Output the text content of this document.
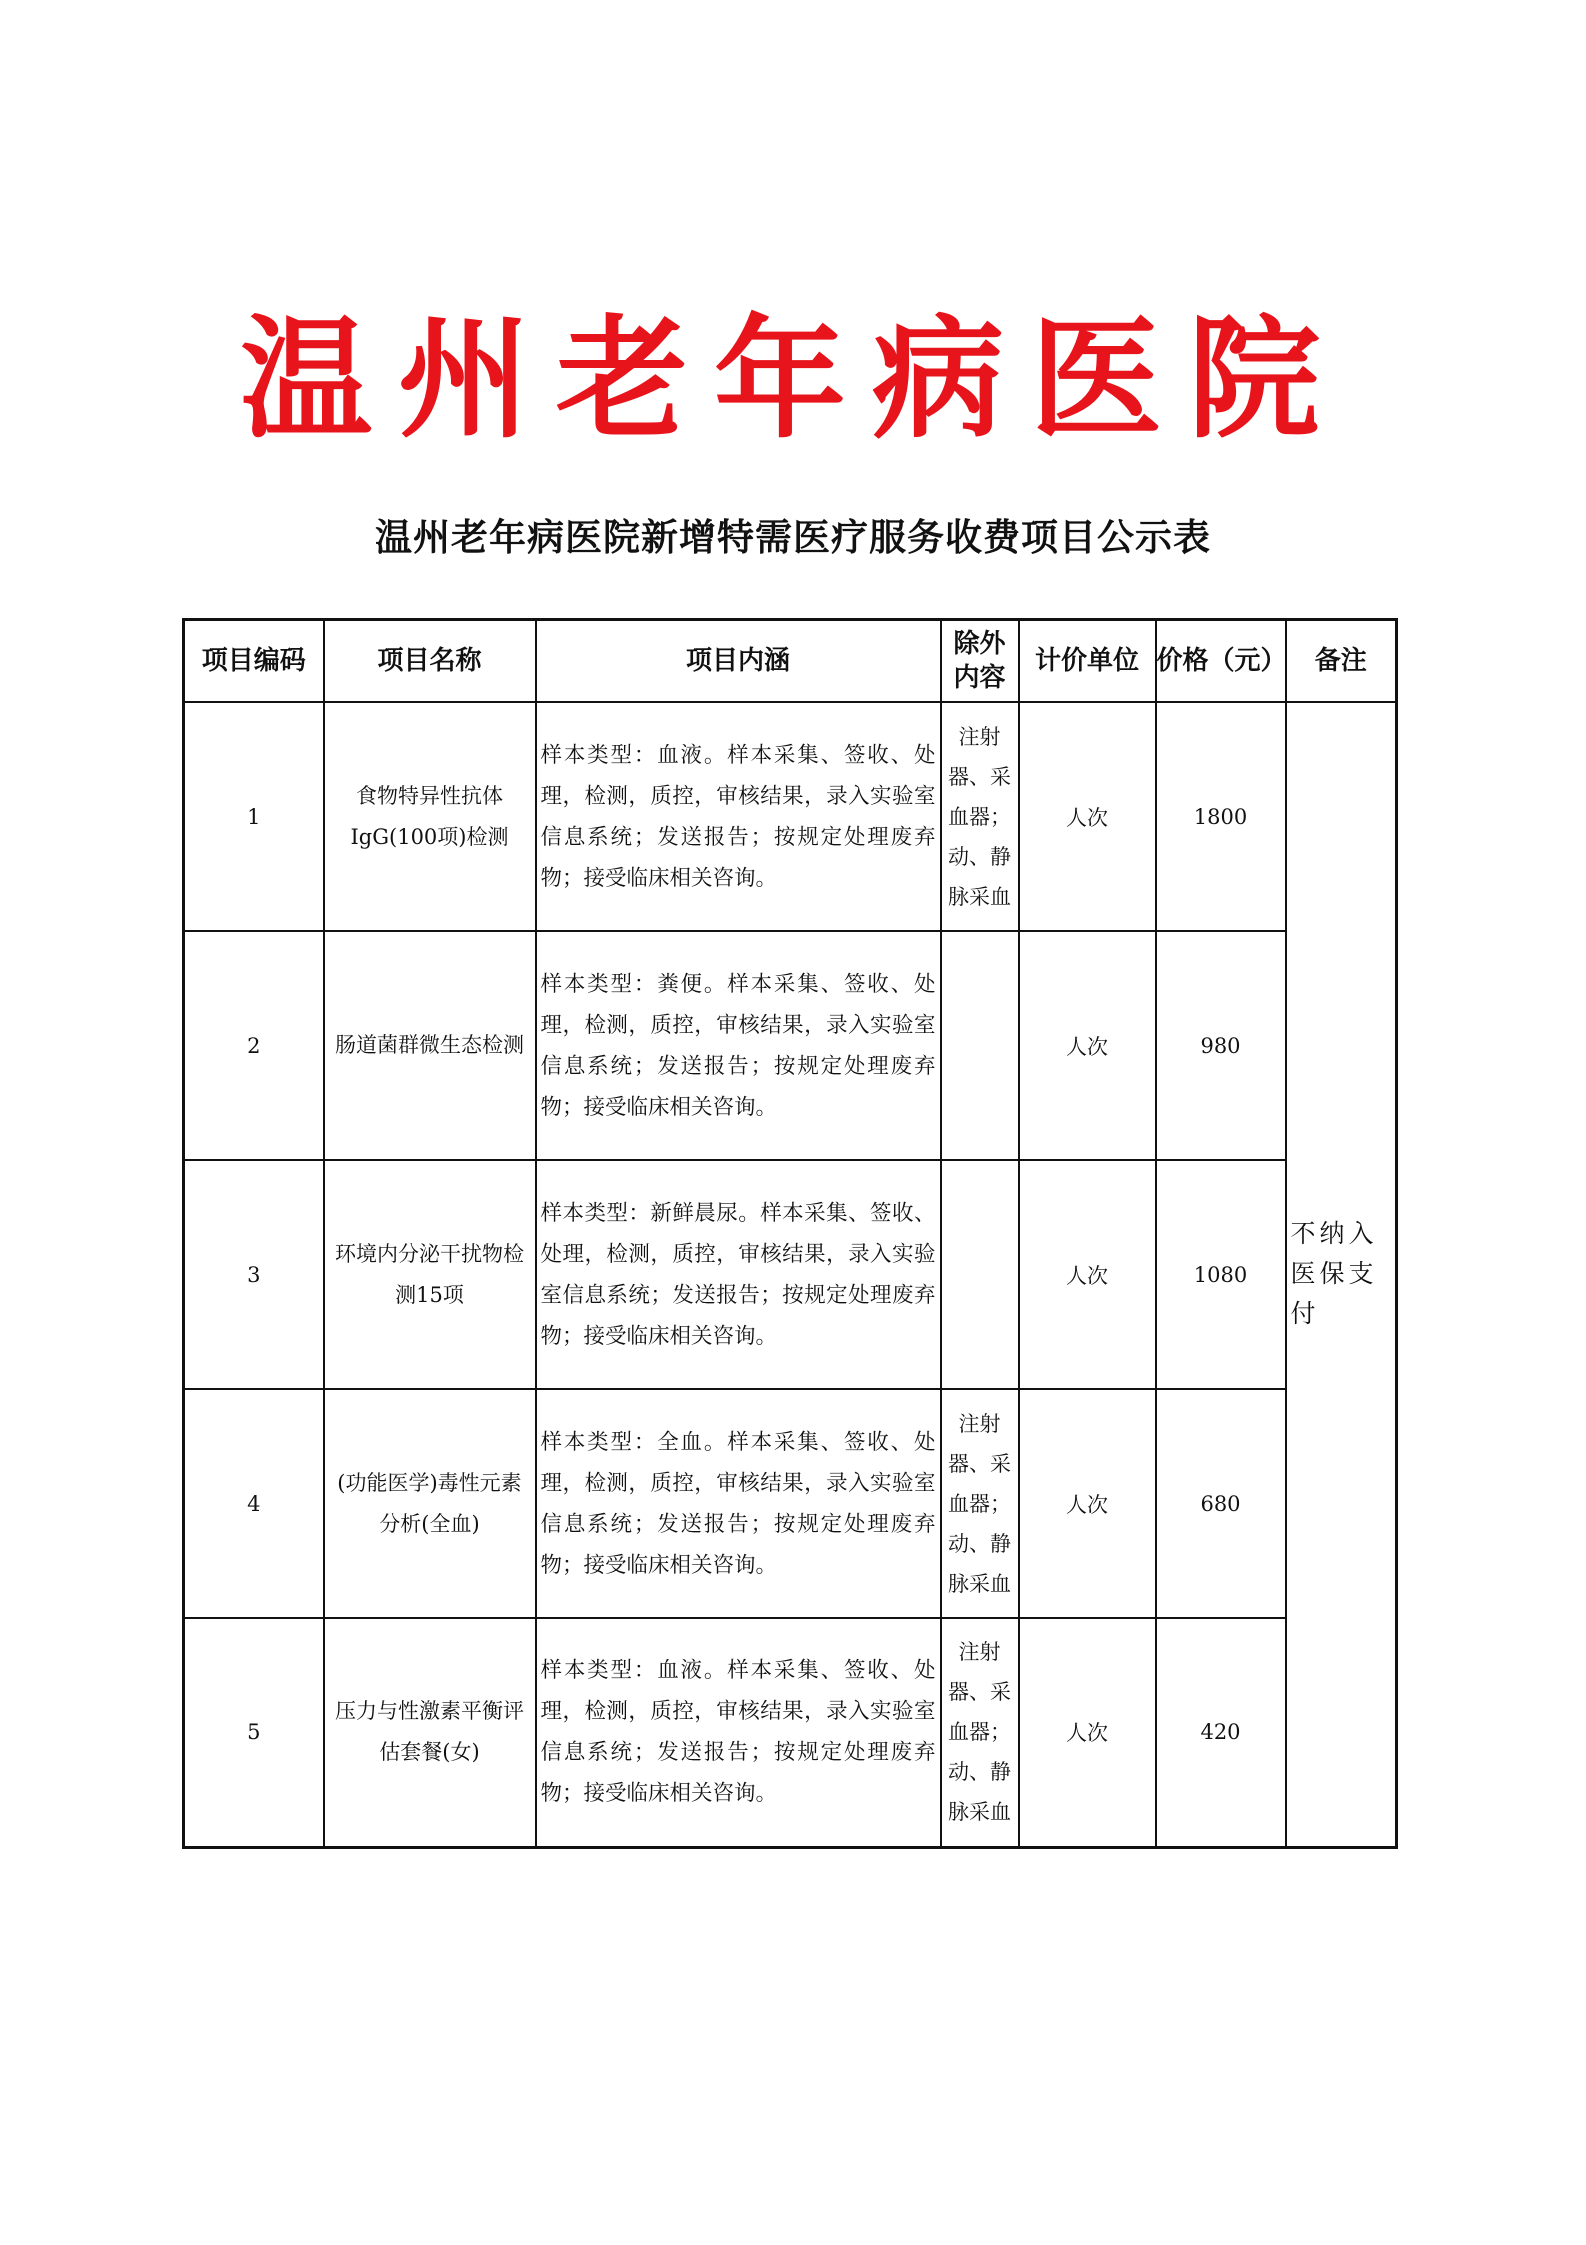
温州老年病医院
温州老年病医院新增特需医疗服务收费项目公示表
项目编码	项目名称	项目内涵	除外内容	计价单位	价格（元）	备注
1	食物特异性抗体IgG(100项)检测	样本类型：血液。样本采集、签收、处理，检测，质控，审核结果，录入实验室信息系统；发送报告；按规定处理废弃物；接受临床相关咨询。	注射器、采血器；动、静脉采血	人次	1800	不纳入医保支付
2	肠道菌群微生态检测	样本类型：粪便。样本采集、签收、处理，检测，质控，审核结果，录入实验室信息系统；发送报告；按规定处理废弃物；接受临床相关咨询。		人次	980	
3	环境内分泌干扰物检测15项	样本类型：新鲜晨尿。样本采集、签收、处理，检测，质控，审核结果，录入实验室信息系统；发送报告；按规定处理废弃物；接受临床相关咨询。		人次	1080	
4	(功能医学)毒性元素分析(全血)	样本类型：全血。样本采集、签收、处理，检测，质控，审核结果，录入实验室信息系统；发送报告；按规定处理废弃物；接受临床相关咨询。	注射器、采血器；动、静脉采血	人次	680	
5	压力与性激素平衡评估套餐(女)	样本类型：血液。样本采集、签收、处理，检测，质控，审核结果，录入实验室信息系统；发送报告；按规定处理废弃物；接受临床相关咨询。	注射器、采血器；动、静脉采血	人次	420	
